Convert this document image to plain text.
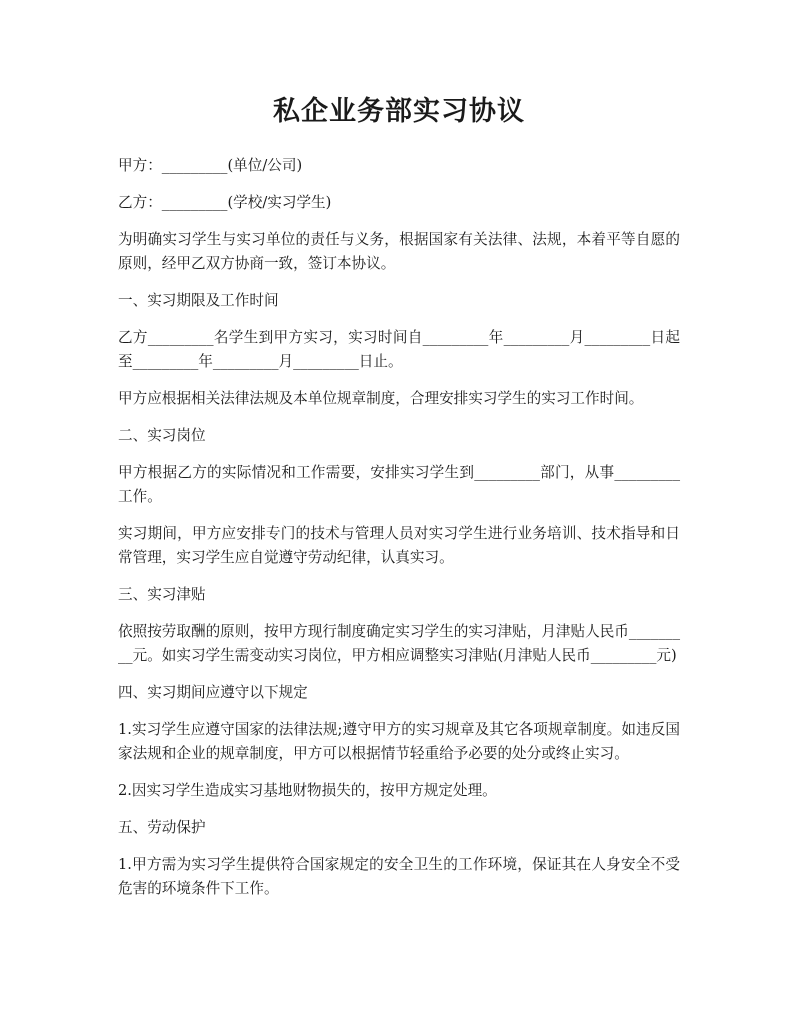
私企业务部实习协议

甲方：_________(单位/公司)

乙方：_________(学校/实习学生)

为明确实习学生与实习单位的责任与义务，根据国家有关法律、法规，本着平等自愿的原则，经甲乙双方协商一致，签订本协议。

一、实习期限及工作时间

乙方_________名学生到甲方实习，实习时间自_________年_________月_________日起至_________年_________月_________日止。

甲方应根据相关法律法规及本单位规章制度，合理安排实习学生的实习工作时间。

二、实习岗位

甲方根据乙方的实际情况和工作需要，安排实习学生到_________部门，从事_________工作。

实习期间，甲方应安排专门的技术与管理人员对实习学生进行业务培训、技术指导和日常管理，实习学生应自觉遵守劳动纪律，认真实习。

三、实习津贴

依照按劳取酬的原则，按甲方现行制度确定实习学生的实习津贴，月津贴人民币_________元。如实习学生需变动实习岗位，甲方相应调整实习津贴(月津贴人民币_________元)

四、实习期间应遵守以下规定

1.实习学生应遵守国家的法律法规;遵守甲方的实习规章及其它各项规章制度。如违反国家法规和企业的规章制度，甲方可以根据情节轻重给予必要的处分或终止实习。

2.因实习学生造成实习基地财物损失的，按甲方规定处理。

五、劳动保护

1.甲方需为实习学生提供符合国家规定的安全卫生的工作环境，保证其在人身安全不受危害的环境条件下工作。
